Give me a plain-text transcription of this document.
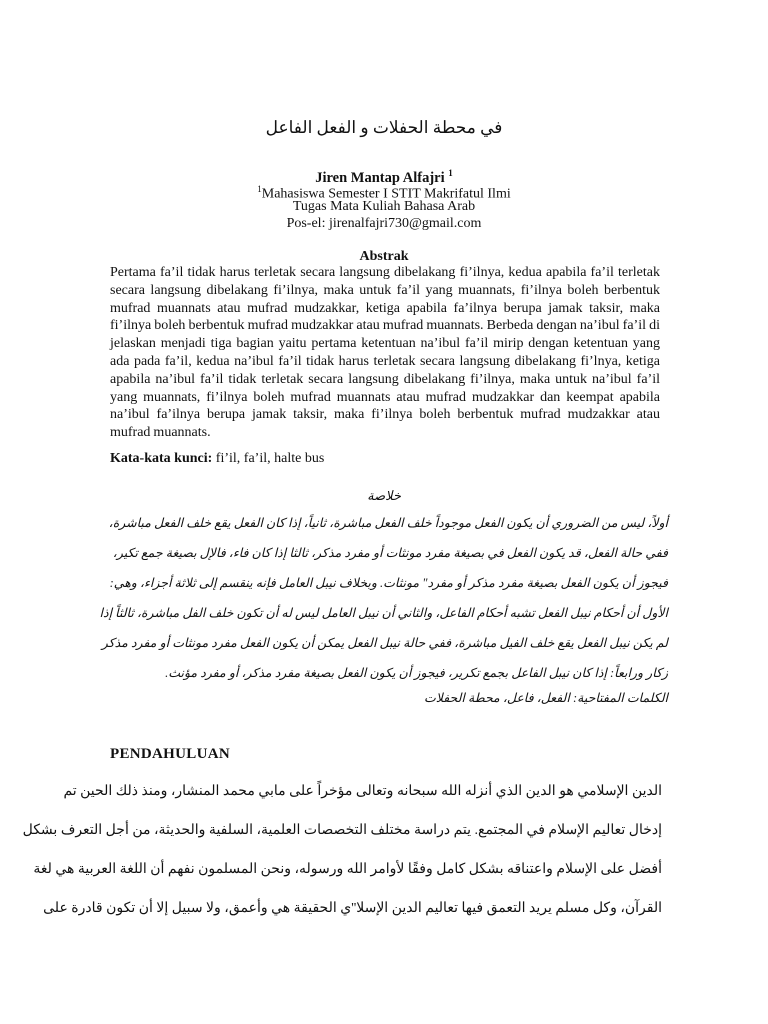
في محطة الحفلات و الفعل الفاعل
Jiren Mantap Alfajri $^1$
$^1$Mahasiswa Semester I STIT Makrifatul Ilmi
Tugas Mata Kuliah Bahasa Arab
Pos-el: jirenalfajri730@gmail.com
Abstrak
Pertama fa’il tidak harus terletak secara langsung dibelakang fi’ilnya, kedua apabila fa’il terletak secara langsung dibelakang fi’ilnya, maka untuk fa’il yang muannats, fi’ilnya boleh berbentuk mufrad muannats atau mufrad mudzakkar, ketiga apabila fa’ilnya berupa jamak taksir, maka fi’ilnya boleh berbentuk mufrad mudzakkar atau mufrad muannats. Berbeda dengan na’ibul fa’il di jelaskan menjadi tiga bagian yaitu pertama ketentuan na’ibul fa’il mirip dengan ketentuan yang ada pada fa’il, kedua na’ibul fa’il tidak harus terletak secara langsung dibelakang fi’lnya, ketiga apabila na’ibul fa’il tidak terletak secara langsung dibelakang fi’ilnya, maka untuk na’ibul fa’il yang muannats, fi’ilnya boleh mufrad muannats atau mufrad mudzakkar dan keempat apabila na’ibul fa’ilnya berupa jamak taksir, maka fi’ilnya boleh berbentuk mufrad mudzakkar atau mufrad muannats.
Kata-kata kunci: fi’il, fa’il, halte bus
خلاصة
أولاً، ليس من الضروري أن يكون الفعل موجوداً خلف الفعل مباشرة، ثانياً، إذا كان الفعل يقع خلف الفعل مباشرة،
ففي حالة الفعل، قد يكون الفعل في بصيغة مفرد مونثات أو مفرد مذكر، ثالثا إذا كان فاء، فالإل بصيغة جمع تكير،
فيجوز أن يكون الفعل بصيغة مفرد مذكر أو مفرد" مونثات. وبخلاف نيبل العامل فإنه ينقسم إلى ثلاثة أجزاء، وهي:
الأول أن أحكام نيبل الفعل تشبه أحكام الفاعل، والثاني أن نيبل العامل ليس له أن تكون خلف الفل مباشرة، ثالثاً إذا
لم يكن نيبل الفعل يقع خلف الفيل مباشرة، ففي حالة نيبل الفعل يمكن أن يكون الفعل مفرد مونثات أو مفرد مذكر
زكار ورابعاً: إذا كان نيبل الفاعل بجمع تكرير، فيجوز أن يكون الفعل بصيغة مفرد مذكر، أو مفرد مؤنث.
الكلمات المفتاحية: الفعل، فاعل، محطة الحفلات
PENDAHULUAN
الدين الإسلامي هو الدين الذي أنزله الله سبحانه وتعالى مؤخراً على مابي محمد المنشار، ومنذ ذلك الحين تم
إدخال تعاليم الإسلام في المجتمع. يتم دراسة مختلف التخصصات العلمية، السلفية والحديثة، من أجل التعرف بشكل
أفضل على الإسلام واعتناقه بشكل كامل وفقًا لأوامر الله ورسوله، ونحن المسلمون نفهم أن اللغة العربية هي لغة
القرآن، وكل مسلم يريد التعمق فيها تعاليم الدين الإسلا''ي الحقيقة هي وأعمق، ولا سبيل إلا أن تكون قادرة على
